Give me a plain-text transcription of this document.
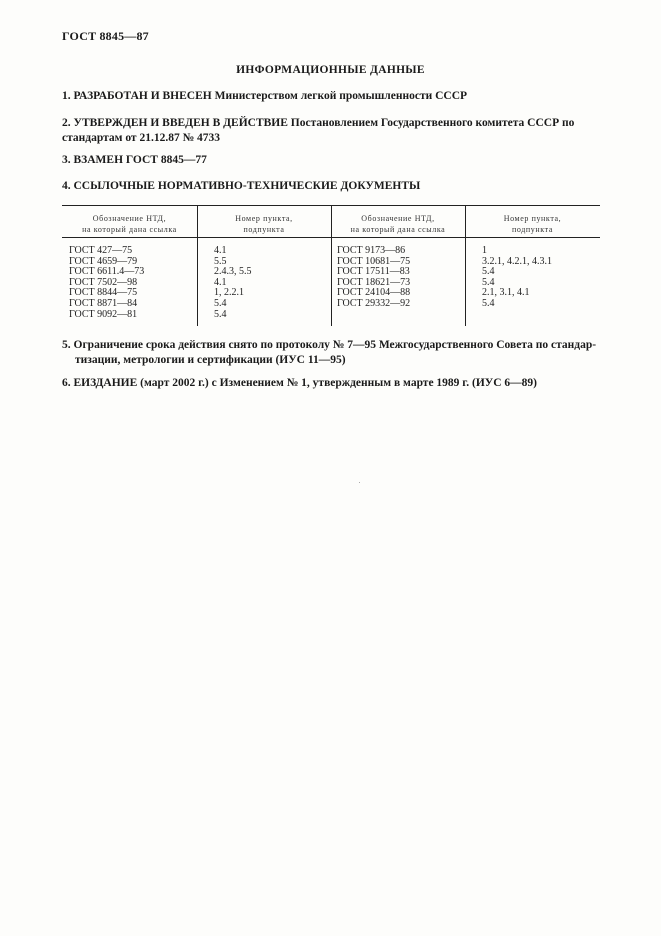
ГОСТ 8845—87
ИНФОРМАЦИОННЫЕ ДАННЫЕ
1. РАЗРАБОТАН И ВНЕСЕН Министерством легкой промышленности СССР
2. УТВЕРЖДЕН И ВВЕДЕН В ДЕЙСТВИЕ Постановлением Государственного комитета СССР по стандартам от 21.12.87 № 4733
3. ВЗАМЕН ГОСТ 8845—77
4. ССЫЛОЧНЫЕ НОРМАТИВНО-ТЕХНИЧЕСКИЕ ДОКУМЕНТЫ
Обозначение НТД,
на который дана ссылка
Номер пункта,
подпункта
Обозначение НТД,
на который дана ссылка
Номер пункта,
подпункта
ГОСТ 427—75
ГОСТ 4659—79
ГОСТ 6611.4—73
ГОСТ 7502—98
ГОСТ 8844—75
ГОСТ 8871—84
ГОСТ 9092—81
4.1
5.5
2.4.3, 5.5
4.1
1, 2.2.1
5.4
5.4
ГОСТ 9173—86
ГОСТ 10681—75
ГОСТ 17511—83
ГОСТ 18621—73
ГОСТ 24104—88
ГОСТ 29332—92
1
3.2.1, 4.2.1, 4.3.1
5.4
5.4
2.1, 3.1, 4.1
5.4
5. Ограничение срока действия снято по протоколу № 7—95 Межгосударственного Совета по стандар-
тизации, метрологии и сертификации (ИУС 11—95)
6. ЕИЗДАНИЕ (март 2002 г.) с Изменением № 1, утвержденным в марте 1989 г. (ИУС 6—89)
